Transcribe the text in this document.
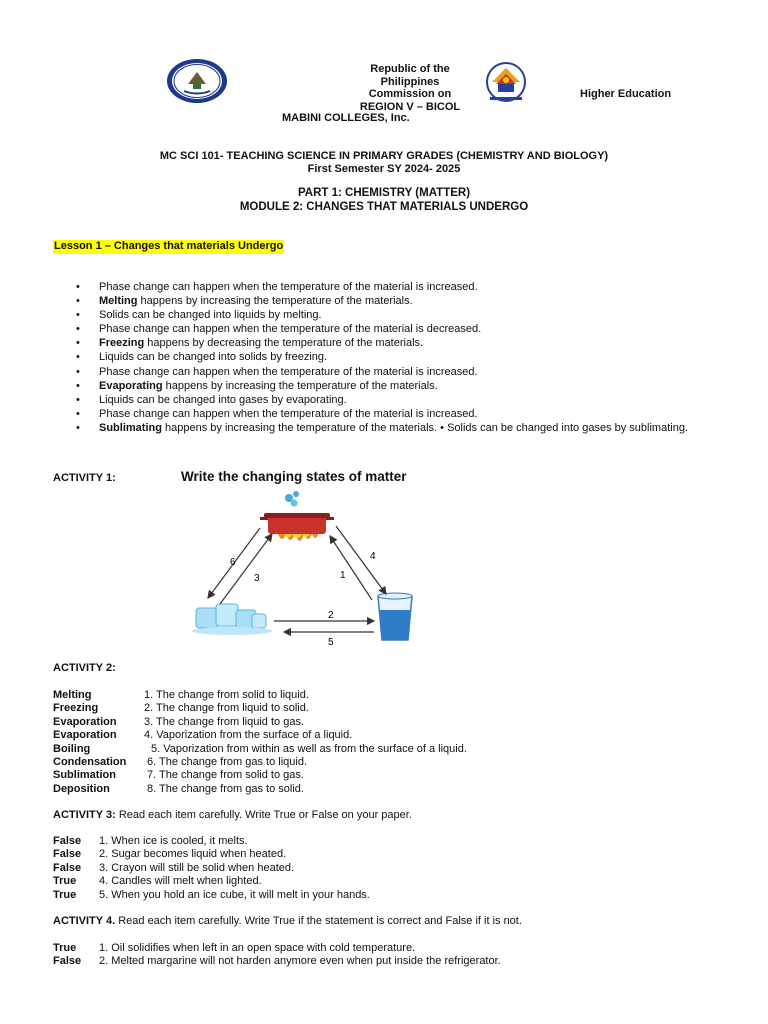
Republic of the
Philippines
Commission on
REGION V – BICOL
Higher Education
MABINI COLLEGES, Inc.
MC SCI 101- TEACHING SCIENCE IN PRIMARY GRADES (CHEMISTRY AND BIOLOGY)
First Semester SY 2024- 2025
PART 1: CHEMISTRY (MATTER)
MODULE 2: CHANGES THAT MATERIALS UNDERGO
Lesson 1 – Changes that materials Undergo
• Phase change can happen when the temperature of the material is increased.
• Melting happens by increasing the temperature of the materials.
• Solids can be changed into liquids by melting.
• Phase change can happen when the temperature of the material is decreased.
• Freezing happens by decreasing the temperature of the materials.
• Liquids can be changed into solids by freezing.
• Phase change can happen when the temperature of the material is increased.
• Evaporating happens by increasing the temperature of the materials.
• Liquids can be changed into gases by evaporating.
• Phase change can happen when the temperature of the material is increased.
• Sublimating happens by increasing the temperature of the materials. • Solids can be changed into gases by sublimating.
ACTIVITY 1:	Write the changing states of matter
6
3	1
4
2
5
ACTIVITY 2:
Melting	1. The change from solid to liquid.
Freezing	2. The change from liquid to solid.
Evaporation 3. The change from liquid to gas.
Evaporation 4. Vaporization from the surface of a liquid.
Boiling	5. Vaporization from within as well as from the surface of a liquid.
Condensation 6. The change from gas to liquid.
Sublimation	7. The change from solid to gas.
Deposition	8. The change from gas to solid.
ACTIVITY 3: Read each item carefully. Write True or False on your paper.
False 1. When ice is cooled, it melts.
False 2. Sugar becomes liquid when heated.
False 3. Crayon will still be solid when heated.
True 4. Candles will melt when lighted.
True 5. When you hold an ice cube, it will melt in your hands.
ACTIVITY 4. Read each item carefully. Write True if the statement is correct and False if it is not.
True 1. Oil solidifies when left in an open space with cold temperature.
False 2. Melted margarine will not harden anymore even when put inside the refrigerator.
